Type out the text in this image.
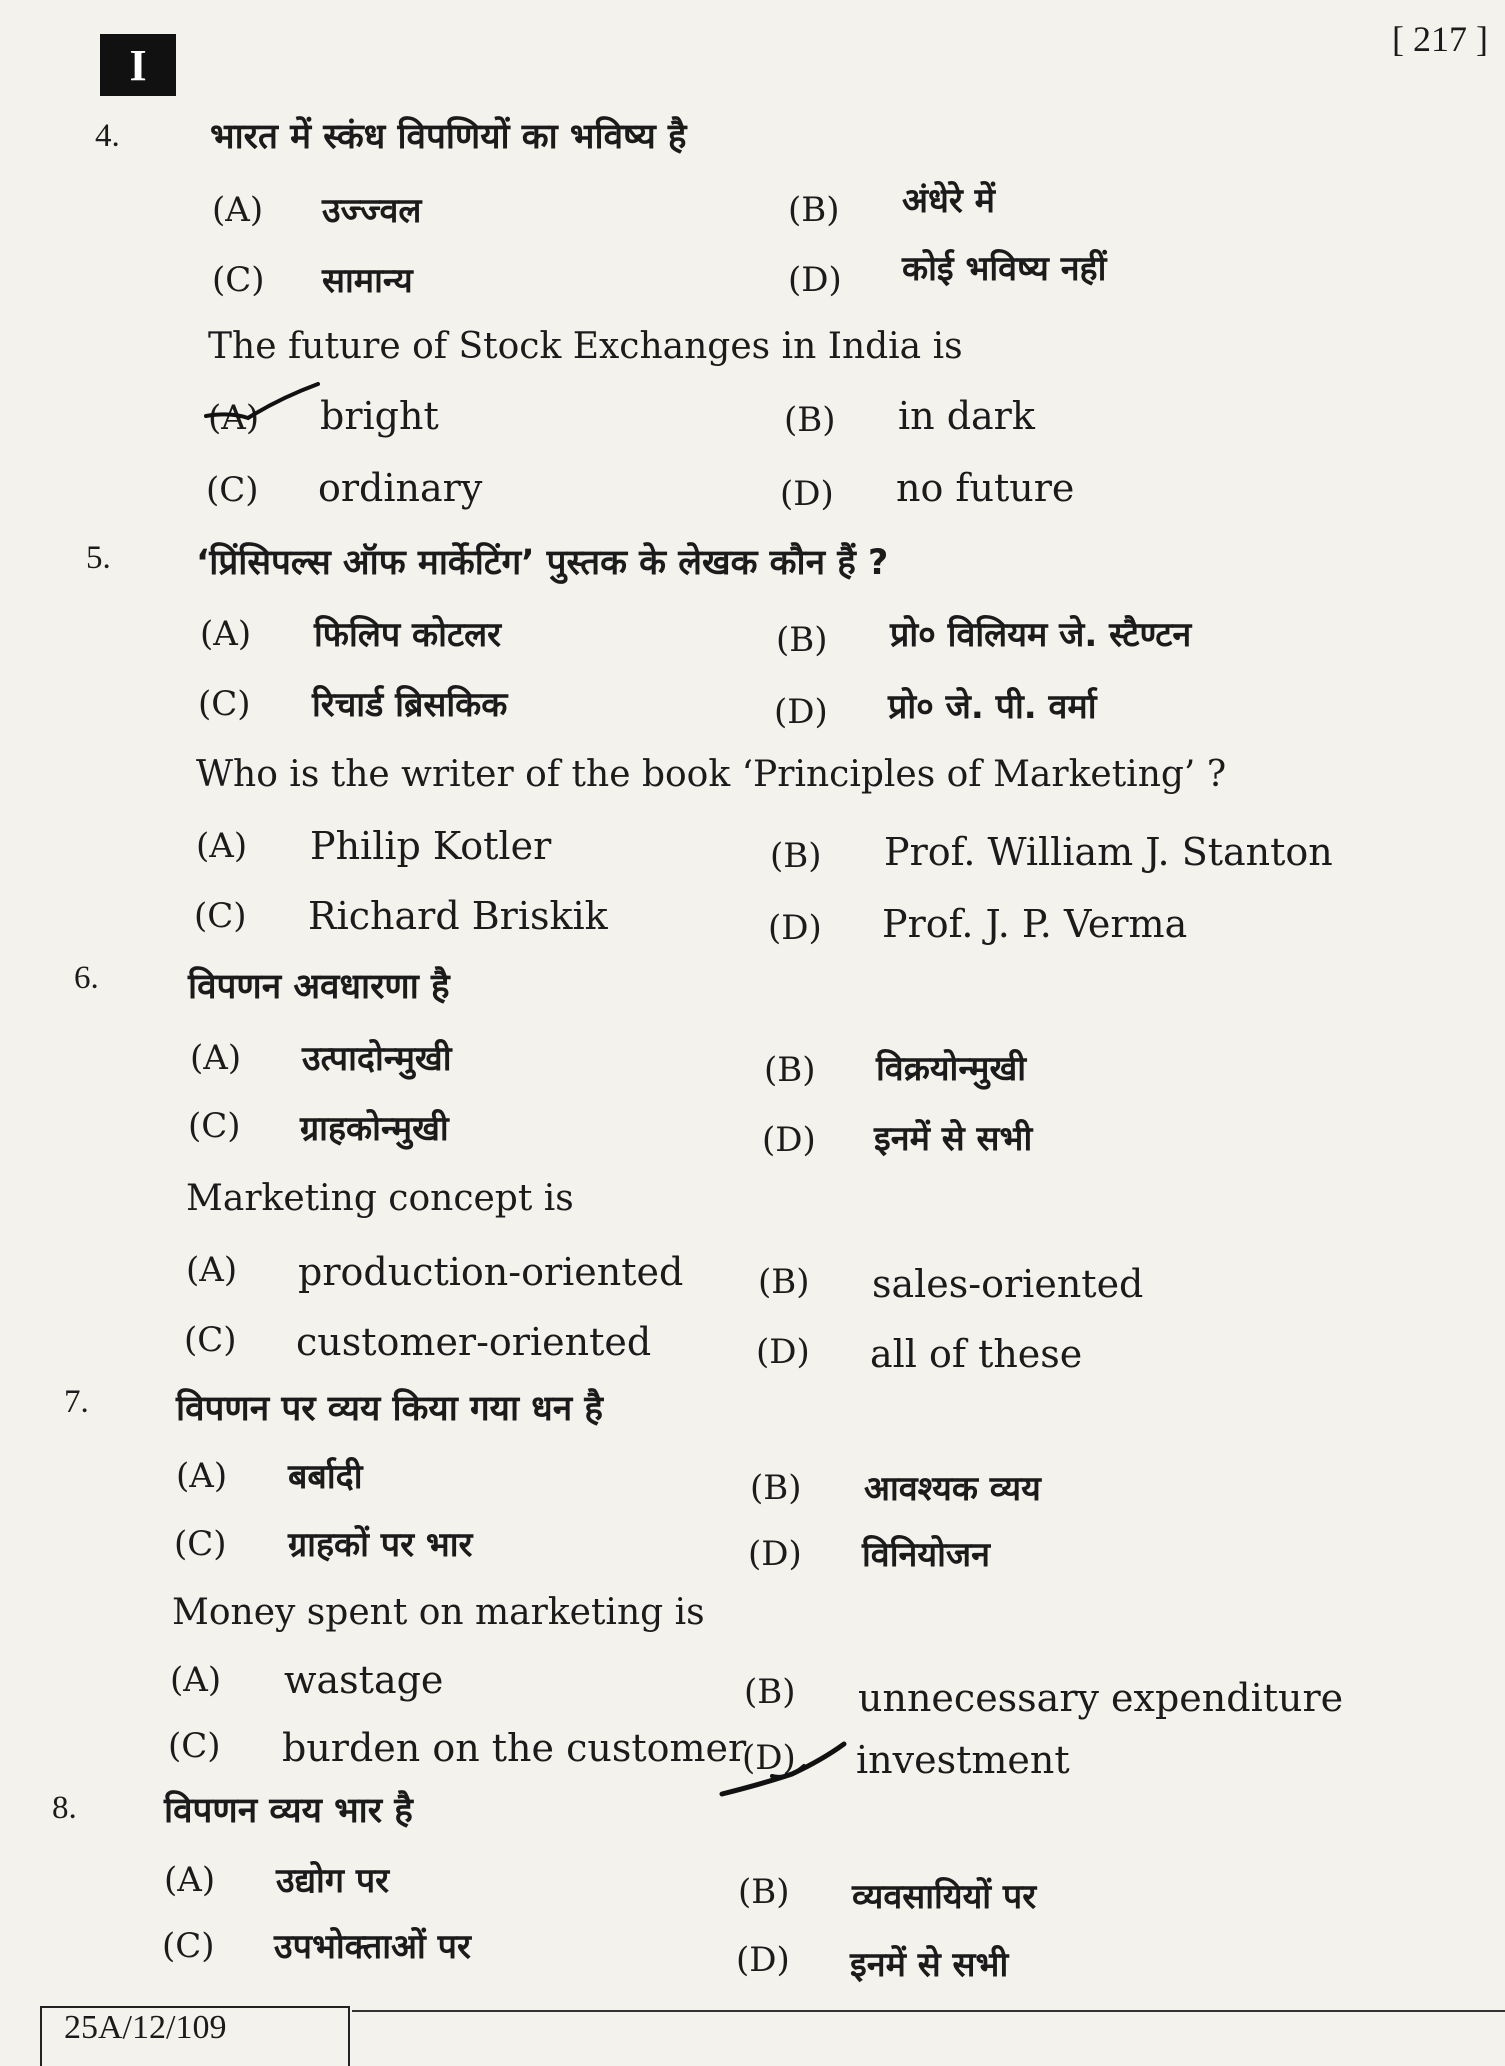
I
[ 217 ]
4.	भारत में स्कंध विपणियों का भविष्य है
(A) उज्ज्वल	(B) अंधेरे में
(C) सामान्य	(D) कोई भविष्य नहीं
The future of Stock Exchanges in India is
(A) bright	(B) in dark
(C) ordinary	(D) no future
5. ‘प्रिंसिपल्स ऑफ मार्केटिंग’ पुस्तक के लेखक कौन हैं ?
(A) फिलिप कोटलर	(B) प्रो० विलियम जे. स्टैण्टन
(C) रिचार्ड ब्रिसकिक	(D) प्रो० जे. पी. वर्मा
Who is the writer of the book ‘Principles of Marketing’ ?
(A) Philip Kotler	(B) Prof. William J. Stanton
(C) Richard Briskik	(D) Prof. J. P. Verma
6.	विपणन अवधारणा है
(A) उत्पादोन्मुखी	(B) विक्रयोन्मुखी
(C) ग्राहकोन्मुखी	(D) इनमें से सभी
Marketing concept is
(A) production-oriented (B) sales-oriented
(C) customer-oriented	(D) all of these
7. विपणन पर व्यय किया गया धन है
(A) बर्बादी	(B) आवश्यक व्यय
(C) ग्राहकों पर भार	(D) विनियोजन
Money spent on marketing is
(A) wastage	(B) unnecessary expenditure
(C) burden on the customer
(D) investment
8. विपणन व्यय भार है
(A) उद्योग पर	(B) व्यवसायियों पर
(C) उपभोक्ताओं पर	(D) इनमें से सभी
25A/12/109
